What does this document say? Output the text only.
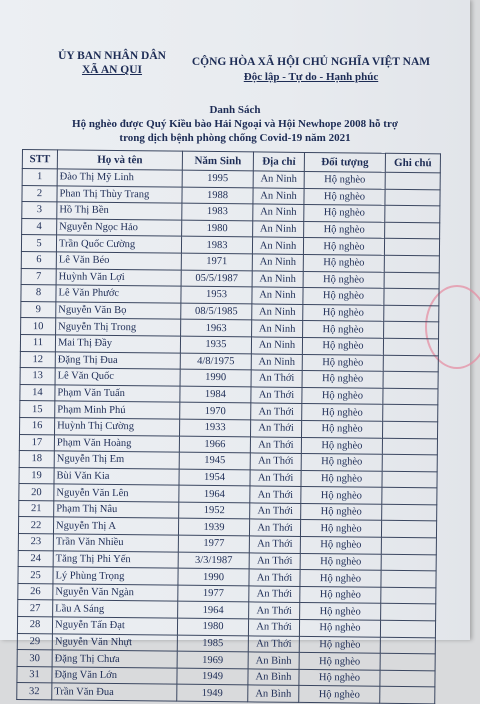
ỦY BAN NHÂN DÂN
XÃ AN QUI
CỘNG HÒA XÃ HỘI CHỦ NGHĨA VIỆT NAM
Độc lập - Tự do - Hạnh phúc
Danh Sách
Hộ nghèo được Quý Kiều bào Hải Ngoại và Hội Newhope 2008 hỗ trợ
trong dịch bệnh phòng chống Covid-19 năm 2021
STT	Họ và tên	Năm Sinh	Địa chỉ	Đối tượng	Ghi chú
1	Đào Thị Mỹ Linh	1995	An Ninh	Hộ nghèo	
2	Phan Thị Thùy Trang	1988	An Ninh	Hộ nghèo	
3	Hồ Thị Bền	1983	An Ninh	Hộ nghèo	
4	Nguyễn Ngọc Hảo	1980	An Ninh	Hộ nghèo	
5	Trần Quốc Cường	1983	An Ninh	Hộ nghèo	
6	Lê Văn Béo	1971	An Ninh	Hộ nghèo	
7	Huỳnh Văn Lợi	05/5/1987	An Ninh	Hộ nghèo	
8	Lê Văn Phước	1953	An Ninh	Hộ nghèo	
9	Nguyễn Văn Bọ	08/5/1985	An Ninh	Hộ nghèo	
10	Nguyễn Thị Trong	1963	An Ninh	Hộ nghèo	
11	Mai Thị Đầy	1935	An Ninh	Hộ nghèo	
12	Đặng Thị Đua	4/8/1975	An Ninh	Hộ nghèo	
13	Lê Văn Quốc	1990	An Thới	Hộ nghèo	
14	Phạm Văn Tuấn	1984	An Thới	Hộ nghèo	
15	Phạm Minh Phú	1970	An Thới	Hộ nghèo	
16	Huỳnh Thị Cường	1933	An Thới	Hộ nghèo	
17	Phạm Văn Hoàng	1966	An Thới	Hộ nghèo	
18	Nguyễn Thị Em	1945	An Thới	Hộ nghèo	
19	Bùi Văn Kia	1954	An Thới	Hộ nghèo	
20	Nguyễn Văn Lên	1964	An Thới	Hộ nghèo	
21	Phạm Thị Nâu	1952	An Thới	Hộ nghèo	
22	Nguyễn Thị A	1939	An Thới	Hộ nghèo	
23	Trần Văn Nhiều	1977	An Thới	Hộ nghèo	
24	Tăng Thị Phi Yến	3/3/1987	An Thới	Hộ nghèo	
25	Lý Phùng Trọng	1990	An Thới	Hộ nghèo	
26	Nguyễn Văn Ngàn	1977	An Thới	Hộ nghèo	
27	Lầu A Sáng	1964	An Thới	Hộ nghèo	
28	Nguyễn Tấn Đạt	1980	An Thới	Hộ nghèo	
29	Nguyễn Văn Nhựt	1985	An Thới	Hộ nghèo	
30	Đặng Thị Chưa	1969	An Bình	Hộ nghèo	
31	Đặng Văn Lớn	1949	An Bình	Hộ nghèo	
32	Trần Văn Đua	1949	An Bình	Hộ nghèo	
